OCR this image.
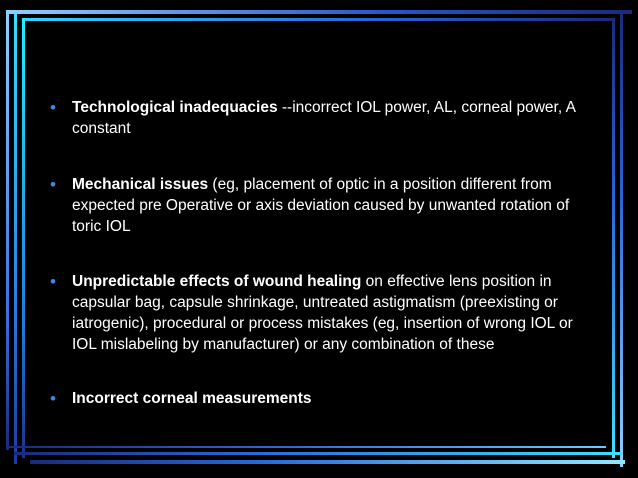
• Technological inadequacies --incorrect IOL power, AL, corneal power, A constant

• Mechanical issues (eg, placement of optic in a position different from expected pre Operative or axis deviation caused by unwanted rotation of toric IOL

• Unpredictable effects of wound healing on effective lens position in capsular bag, capsule shrinkage, untreated astigmatism (preexisting or iatrogenic), procedural or process mistakes (eg, insertion of wrong IOL or IOL mislabeling by manufacturer) or any combination of these

• Incorrect corneal measurements
